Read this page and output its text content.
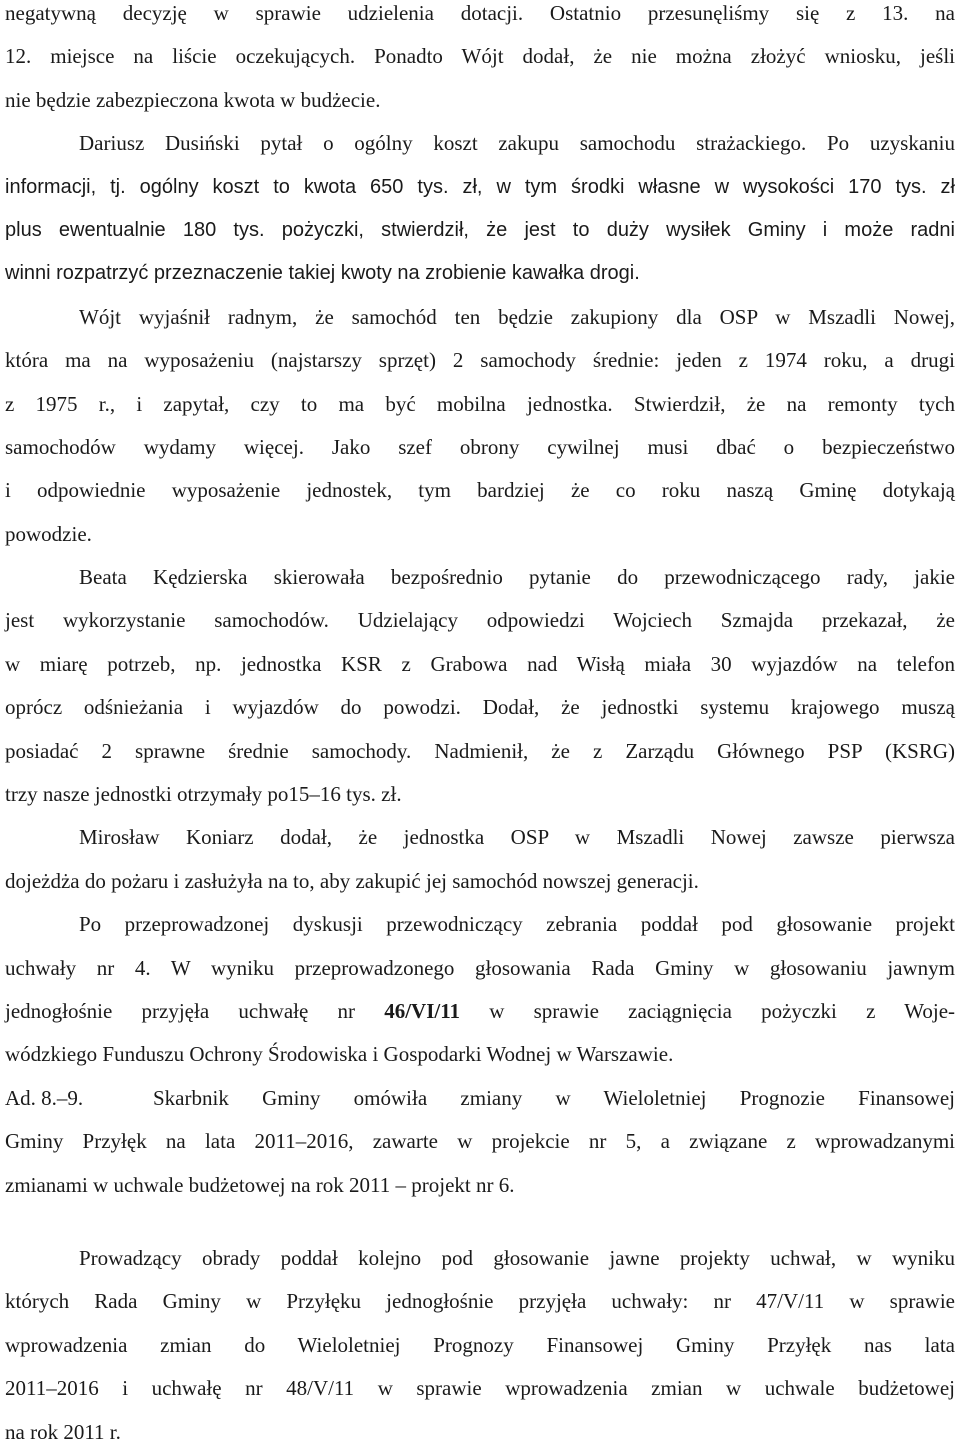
negatywną decyzję w sprawie udzielenia dotacji. Ostatnio przesunęliśmy się z 13. na
12. miejsce na liście oczekujących. Ponadto Wójt dodał, że nie można złożyć wniosku, jeśli
nie będzie zabezpieczona kwota w budżecie.
Dariusz Dusiński pytał o ogólny koszt zakupu samochodu strażackiego. Po uzyskaniu
informacji, tj. ogólny koszt to kwota 650 tys. zł, w tym środki własne w wysokości 170 tys. zł
plus ewentualnie 180 tys. pożyczki, stwierdził, że jest to duży wysiłek Gminy i może radni
winni rozpatrzyć przeznaczenie takiej kwoty na zrobienie kawałka drogi.
Wójt wyjaśnił radnym, że samochód ten będzie zakupiony dla OSP w Mszadli Nowej,
która ma na wyposażeniu (najstarszy sprzęt) 2 samochody średnie: jeden z 1974 roku, a drugi
z 1975 r., i zapytał, czy to ma być mobilna jednostka. Stwierdził, że na remonty tych
samochodów wydamy więcej. Jako szef obrony cywilnej musi dbać o bezpieczeństwo
i odpowiednie wyposażenie jednostek, tym bardziej że co roku naszą Gminę dotykają
powodzie.
Beata Kędzierska skierowała bezpośrednio pytanie do przewodniczącego rady, jakie
jest wykorzystanie samochodów. Udzielający odpowiedzi Wojciech Szmajda przekazał, że
w miarę potrzeb, np. jednostka KSR z Grabowa nad Wisłą miała 30 wyjazdów na telefon
oprócz odśnieżania i wyjazdów do powodzi. Dodał, że jednostki systemu krajowego muszą
posiadać 2 sprawne średnie samochody. Nadmienił, że z Zarządu Głównego PSP (KSRG)
trzy nasze jednostki otrzymały po15–16 tys. zł.
Mirosław Koniarz dodał, że jednostka OSP w Mszadli Nowej zawsze pierwsza
dojeżdża do pożaru i zasłużyła na to, aby zakupić jej samochód nowszej generacji.
Po przeprowadzonej dyskusji przewodniczący zebrania poddał pod głosowanie projekt
uchwały nr 4. W wyniku przeprowadzonego głosowania Rada Gminy w głosowaniu jawnym
jednogłośnie przyjęła uchwałę nr 46/VI/11 w sprawie zaciągnięcia pożyczki z Woje-
wódzkiego Funduszu Ochrony Środowiska i Gospodarki Wodnej w Warszawie.
Ad. 8.–9.	Skarbnik Gminy omówiła zmiany w Wieloletniej Prognozie Finansowej
Gminy Przyłęk na lata 2011–2016, zawarte w projekcie nr 5, a związane z wprowadzanymi
zmianami w uchwale budżetowej na rok 2011 – projekt nr 6.
Prowadzący obrady poddał kolejno pod głosowanie jawne projekty uchwał, w wyniku
których Rada Gminy w Przyłęku jednogłośnie przyjęła uchwały: nr 47/V/11 w sprawie
wprowadzenia zmian do Wieloletniej Prognozy Finansowej Gminy Przyłęk nas lata
2011–2016 i uchwałę nr 48/V/11 w sprawie wprowadzenia zmian w uchwale budżetowej
na rok 2011 r.
